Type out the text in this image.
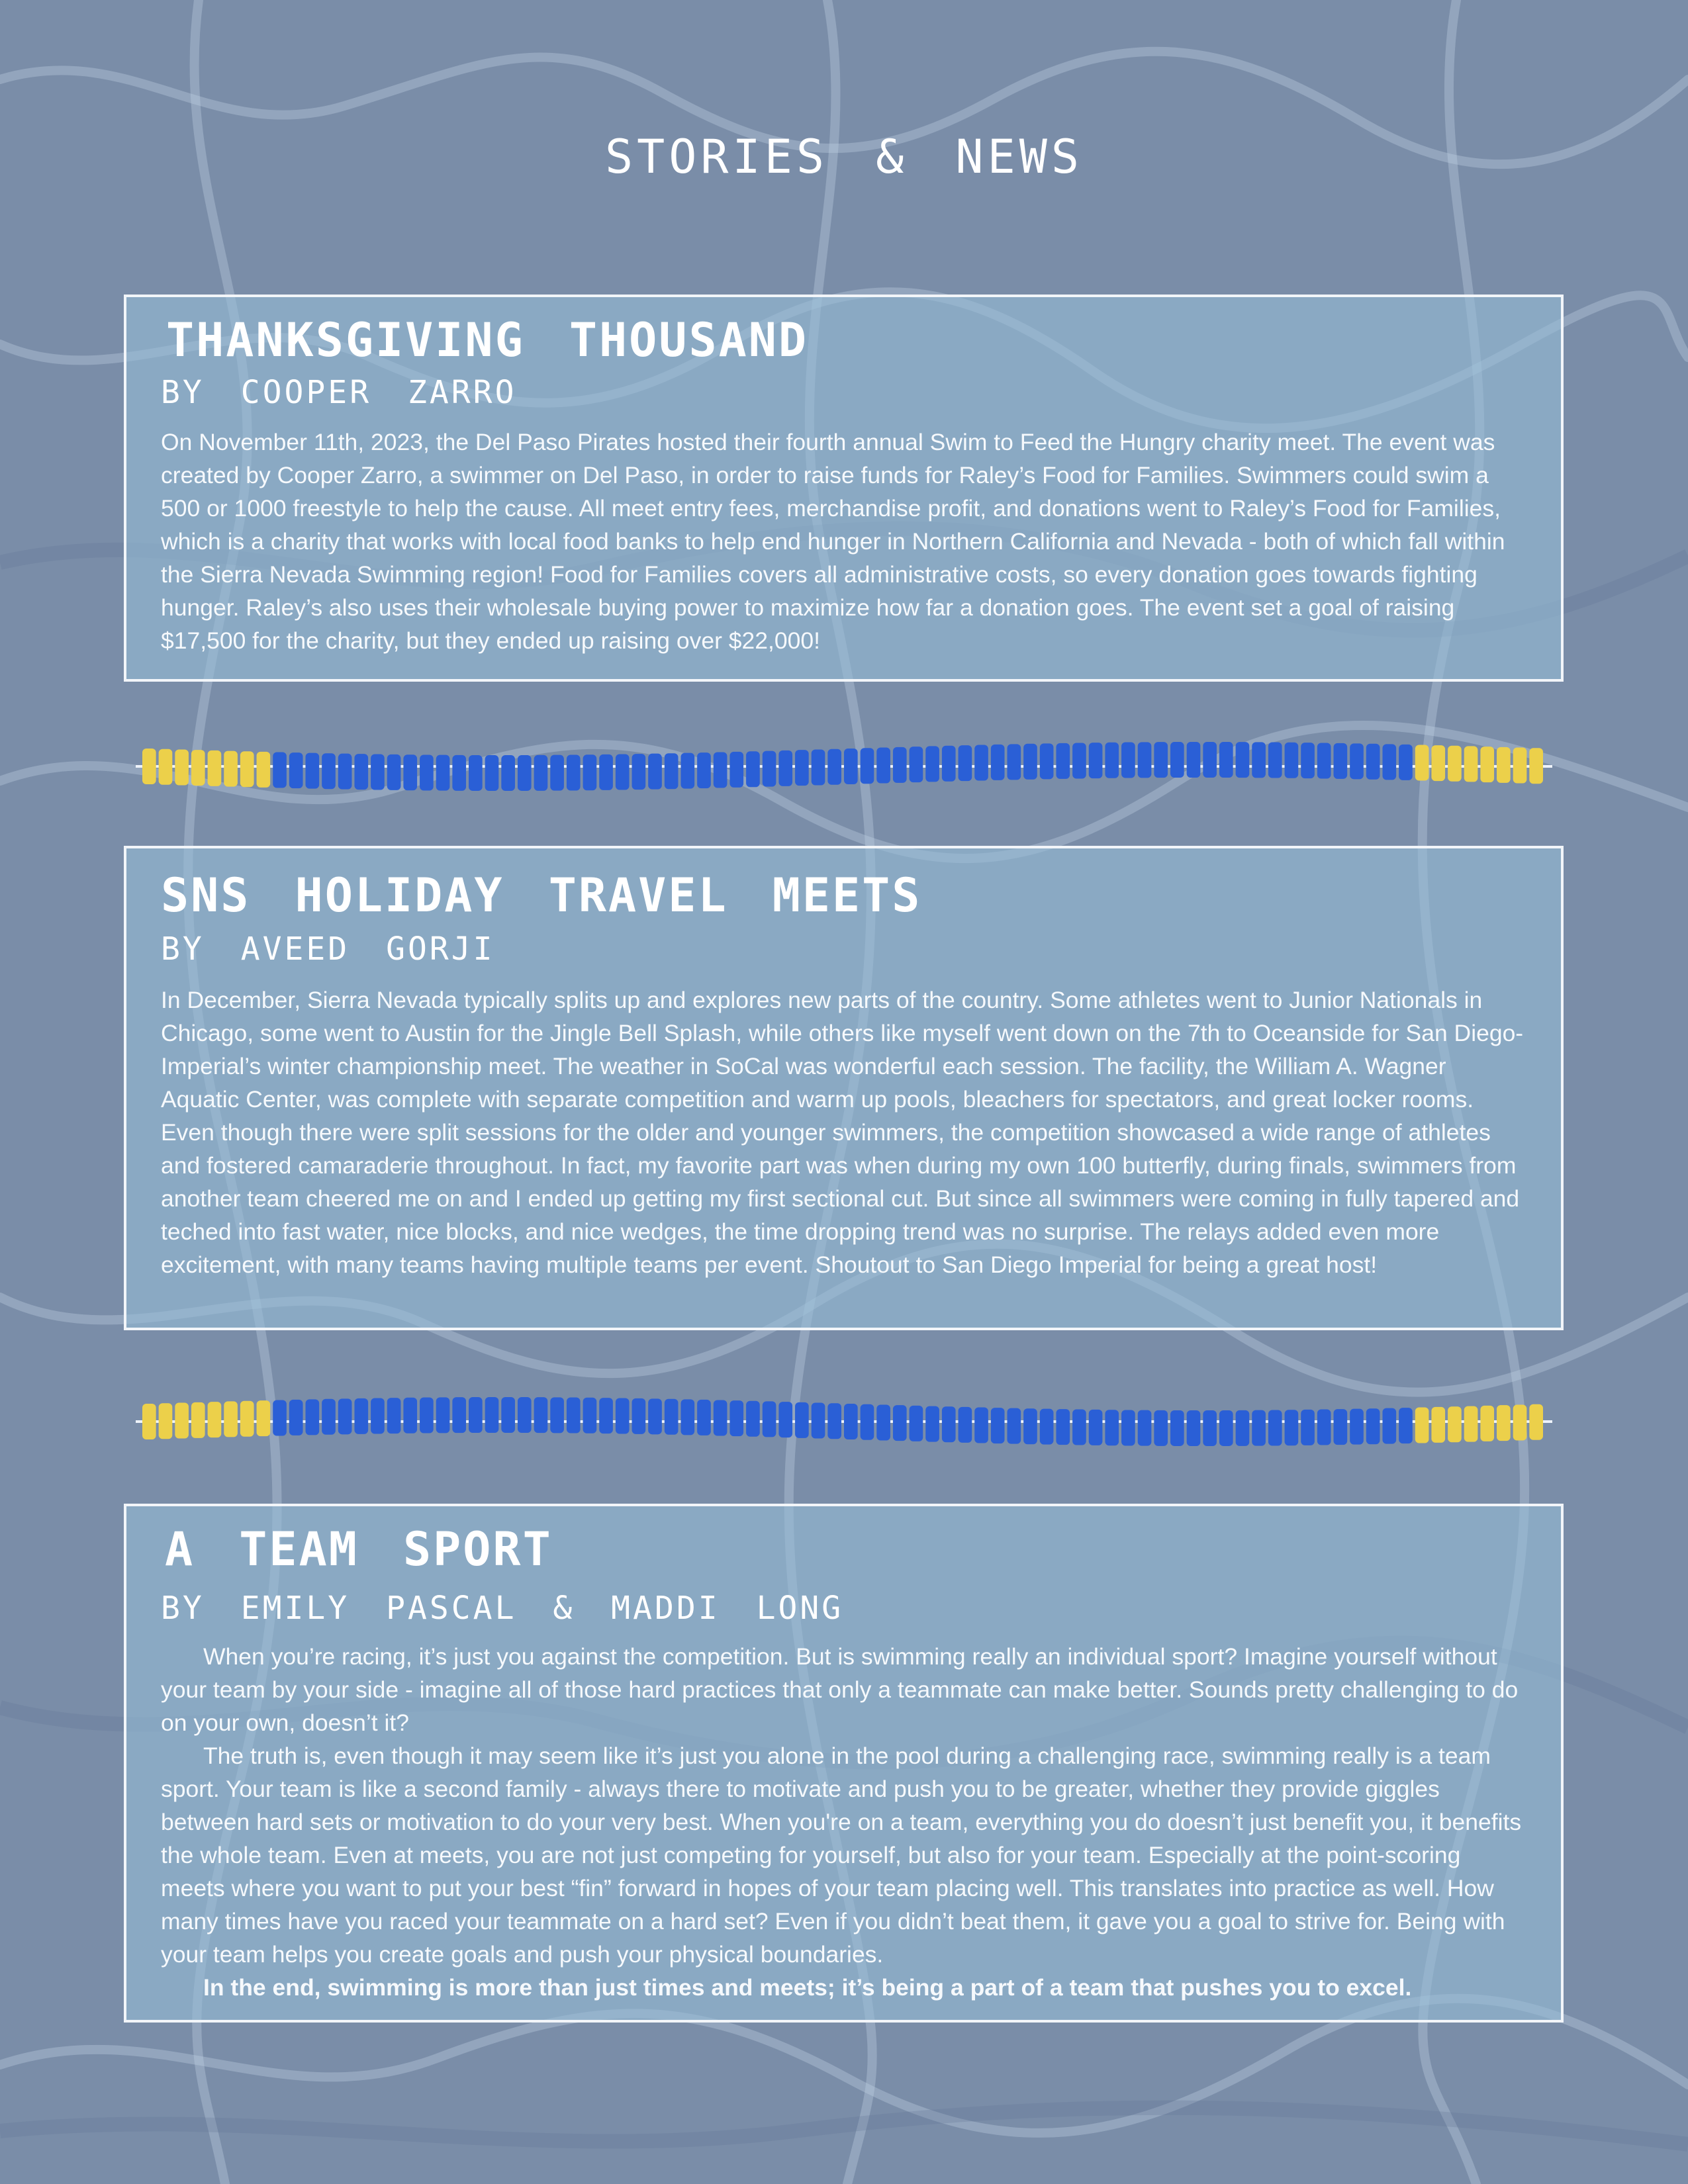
STORIES & NEWS
THANKSGIVING THOUSAND
BY COOPER ZARRO

On November 11th, 2023, the Del Paso Pirates hosted their fourth annual Swim to Feed the Hungry charity meet. The event was created by Cooper Zarro, a swimmer on Del Paso, in order to raise funds for Raley’s Food for Families. Swimmers could swim a 500 or 1000 freestyle to help the cause. All meet entry fees, merchandise profit, and donations went to Raley’s Food for Families, which is a charity that works with local food banks to help end hunger in Northern California and Nevada - both of which fall within the Sierra Nevada Swimming region! Food for Families covers all administrative costs, so every donation goes towards fighting hunger. Raley’s also uses their wholesale buying power to maximize how far a donation goes. The event set a goal of raising $17,500 for the charity, but they ended up raising over $22,000!

SNS HOLIDAY TRAVEL MEETS
BY AVEED GORJI

In December, Sierra Nevada typically splits up and explores new parts of the country. Some athletes went to Junior Nationals in Chicago, some went to Austin for the Jingle Bell Splash, while others like myself went down on the 7th to Oceanside for San Diego-Imperial’s winter championship meet. The weather in SoCal was wonderful each session. The facility, the William A. Wagner Aquatic Center, was complete with separate competition and warm up pools, bleachers for spectators, and great locker rooms. Even though there were split sessions for the older and younger swimmers, the competition showcased a wide range of athletes and fostered camaraderie throughout. In fact, my favorite part was when during my own 100 butterfly, during finals, swimmers from another team cheered me on and I ended up getting my first sectional cut. But since all swimmers were coming in fully tapered and teched into fast water, nice blocks, and nice wedges, the time dropping trend was no surprise. The relays added even more excitement, with many teams having multiple teams per event. Shoutout to San Diego Imperial for being a great host!

A TEAM SPORT
BY EMILY PASCAL & MADDI LONG

When you’re racing, it’s just you against the competition. But is swimming really an individual sport? Imagine yourself without your team by your side - imagine all of those hard practices that only a teammate can make better. Sounds pretty challenging to do on your own, doesn’t it?

The truth is, even though it may seem like it’s just you alone in the pool during a challenging race, swimming really is a team sport. Your team is like a second family - always there to motivate and push you to be greater, whether they provide giggles between hard sets or motivation to do your very best. When you're on a team, everything you do doesn’t just benefit you, it benefits the whole team. Even at meets, you are not just competing for yourself, but also for your team. Especially at the point-scoring meets where you want to put your best “fin” forward in hopes of your team placing well. This translates into practice as well. How many times have you raced your teammate on a hard set? Even if you didn’t beat them, it gave you a goal to strive for. Being with your team helps you create goals and push your physical boundaries.

In the end, swimming is more than just times and meets; it’s being a part of a team that pushes you to excel.
